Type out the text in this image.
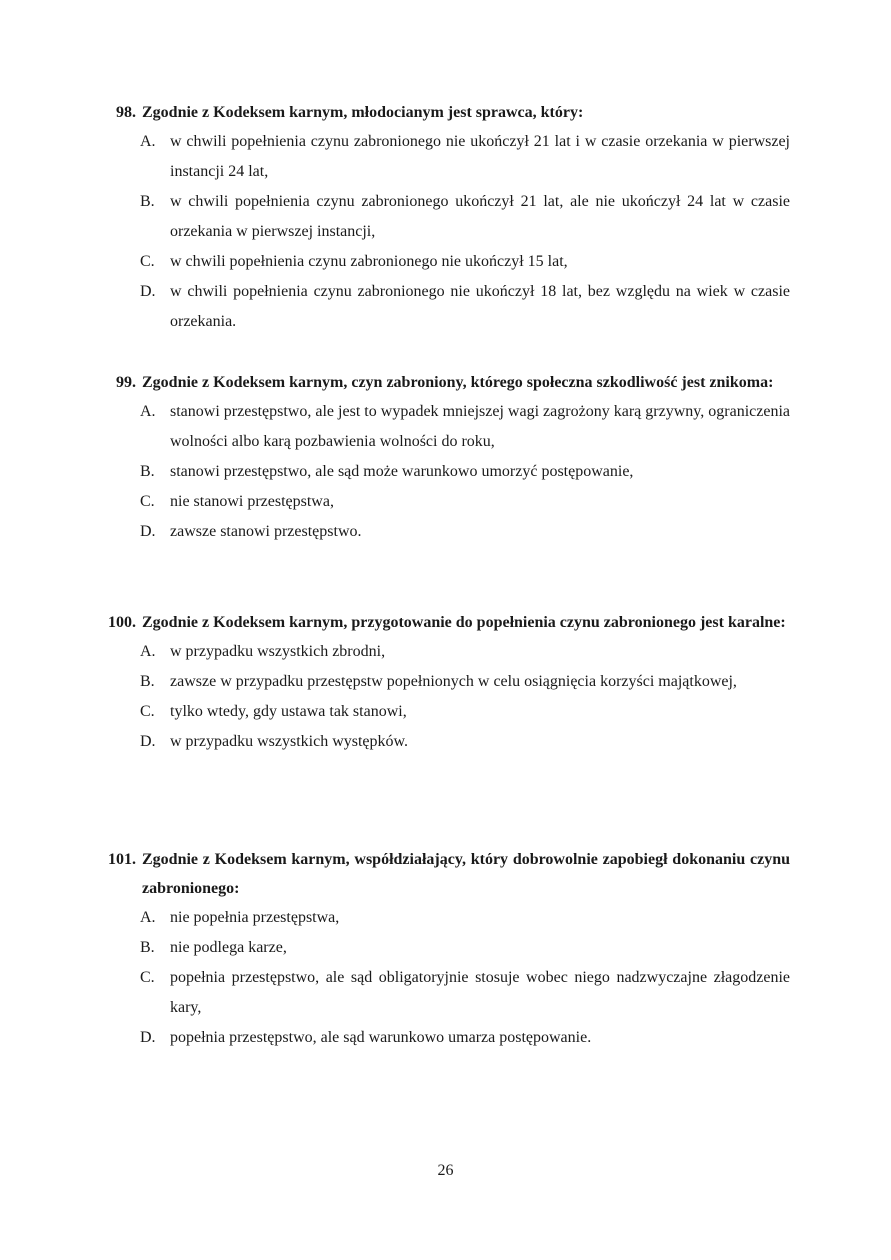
98. Zgodnie z Kodeksem karnym, młodocianym jest sprawca, który:
A. w chwili popełnienia czynu zabronionego nie ukończył 21 lat i w czasie orzekania w pierwszej instancji 24 lat,
B. w chwili popełnienia czynu zabronionego ukończył 21 lat, ale nie ukończył 24 lat w czasie orzekania w pierwszej instancji,
C. w chwili popełnienia czynu zabronionego nie ukończył 15 lat,
D. w chwili popełnienia czynu zabronionego nie ukończył 18 lat, bez względu na wiek w czasie orzekania.
99. Zgodnie z Kodeksem karnym, czyn zabroniony, którego społeczna szkodliwość jest znikoma:
A. stanowi przestępstwo, ale jest to wypadek mniejszej wagi zagrożony karą grzywny, ograniczenia wolności albo karą pozbawienia wolności do roku,
B. stanowi przestępstwo, ale sąd może warunkowo umorzyć postępowanie,
C. nie stanowi przestępstwa,
D. zawsze stanowi przestępstwo.
100. Zgodnie z Kodeksem karnym, przygotowanie do popełnienia czynu zabronionego jest karalne:
A. w przypadku wszystkich zbrodni,
B. zawsze w przypadku przestępstw popełnionych w celu osiągnięcia korzyści majątkowej,
C. tylko wtedy, gdy ustawa tak stanowi,
D. w przypadku wszystkich występków.
101. Zgodnie z Kodeksem karnym, współdziałający, który dobrowolnie zapobiegł dokonaniu czynu zabronionego:
A. nie popełnia przestępstwa,
B. nie podlega karze,
C. popełnia przestępstwo, ale sąd obligatoryjnie stosuje wobec niego nadzwyczajne złagodzenie kary,
D. popełnia przestępstwo, ale sąd warunkowo umarza postępowanie.
26
